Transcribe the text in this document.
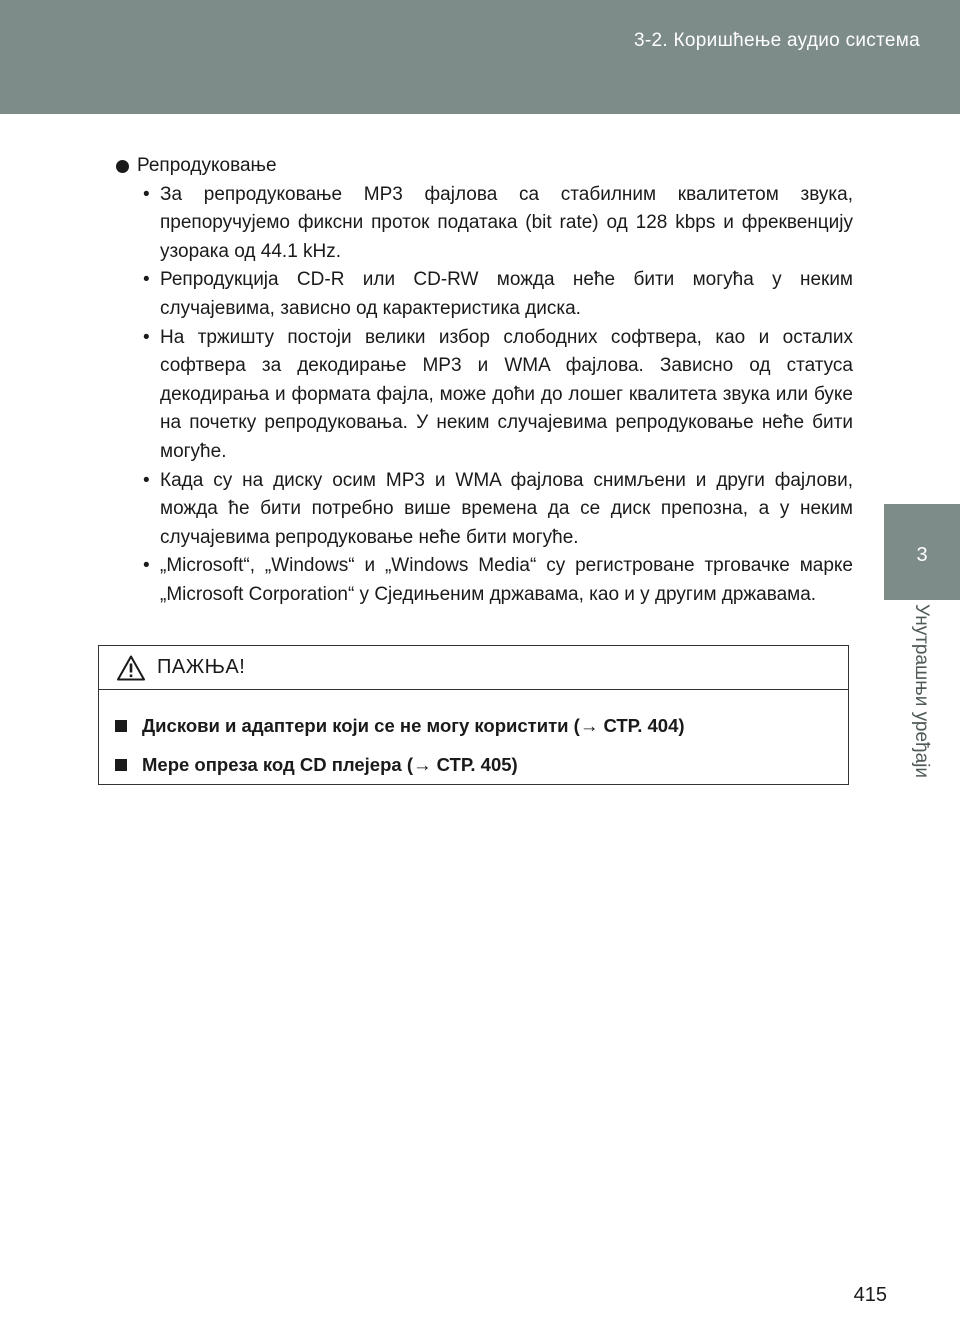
3-2. Коришћење аудио система
3
Унутрашњи уређаји
Репродуковање
• За репродуковање MP3 фајлова са стабилним квалитетом звука, препоручујемо фиксни проток података (bit rate) од 128 kbps и фреквенцију узорака од 44.1 kHz.
• Репродукција CD-R или CD-RW можда неће бити могућа у неким случајевима, зависно од карактеристика диска.
• На тржишту постоји велики избор слободних софтвера, као и осталих софтвера за декодирање MP3 и WMA фајлова. Зависно од статуса декодирања и формата фајла, може доћи до лошег квалитета звука или буке на почетку репродуковања. У неким случајевима репродуковање неће бити могуће.
• Када су на диску осим MP3 и WMA фајлова снимљени и други фајлови, можда ће бити потребно више времена да се диск препозна, а у неким случајевима репродуковање неће бити могуће.
• „Microsoft“, „Windows“ и „Windows Media“ су регистроване трговачке марке „Microsoft Corporation“ у Сједињеним државама, као и у другим државама.
ПАЖЊА!
Дискови и адаптери који се не могу користити (→ СТР. 404)
Мере опреза код CD плејера (→ СТР. 405)
415
